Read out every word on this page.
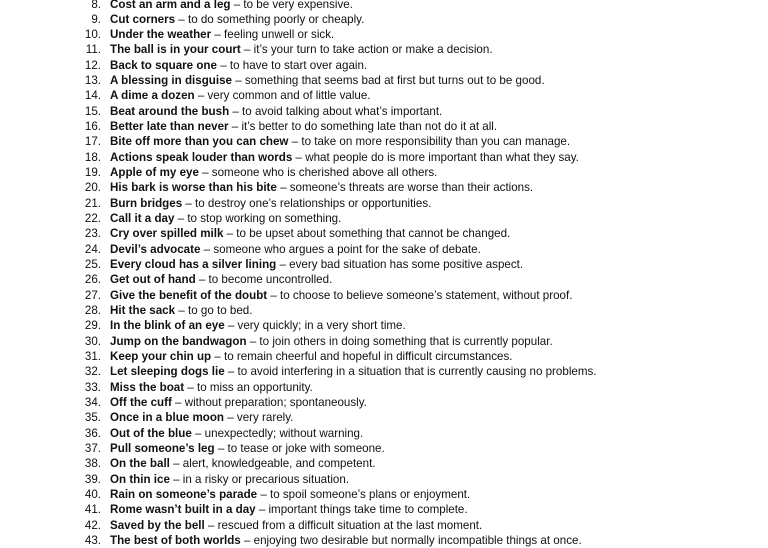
8. Cost an arm and a leg – to be very expensive.
9. Cut corners – to do something poorly or cheaply.
10. Under the weather – feeling unwell or sick.
11. The ball is in your court – it’s your turn to take action or make a decision.
12. Back to square one – to have to start over again.
13. A blessing in disguise – something that seems bad at first but turns out to be good.
14. A dime a dozen – very common and of little value.
15. Beat around the bush – to avoid talking about what’s important.
16. Better late than never – it’s better to do something late than not do it at all.
17. Bite off more than you can chew – to take on more responsibility than you can manage.
18. Actions speak louder than words – what people do is more important than what they say.
19. Apple of my eye – someone who is cherished above all others.
20. His bark is worse than his bite – someone’s threats are worse than their actions.
21. Burn bridges – to destroy one’s relationships or opportunities.
22. Call it a day – to stop working on something.
23. Cry over spilled milk – to be upset about something that cannot be changed.
24. Devil’s advocate – someone who argues a point for the sake of debate.
25. Every cloud has a silver lining – every bad situation has some positive aspect.
26. Get out of hand – to become uncontrolled.
27. Give the benefit of the doubt – to choose to believe someone’s statement, without proof.
28. Hit the sack – to go to bed.
29. In the blink of an eye – very quickly; in a very short time.
30. Jump on the bandwagon – to join others in doing something that is currently popular.
31. Keep your chin up – to remain cheerful and hopeful in difficult circumstances.
32. Let sleeping dogs lie – to avoid interfering in a situation that is currently causing no problems.
33. Miss the boat – to miss an opportunity.
34. Off the cuff – without preparation; spontaneously.
35. Once in a blue moon – very rarely.
36. Out of the blue – unexpectedly; without warning.
37. Pull someone’s leg – to tease or joke with someone.
38. On the ball – alert, knowledgeable, and competent.
39. On thin ice – in a risky or precarious situation.
40. Rain on someone’s parade – to spoil someone’s plans or enjoyment.
41. Rome wasn’t built in a day – important things take time to complete.
42. Saved by the bell – rescued from a difficult situation at the last moment.
43. The best of both worlds – enjoying two desirable but normally incompatible things at once.
